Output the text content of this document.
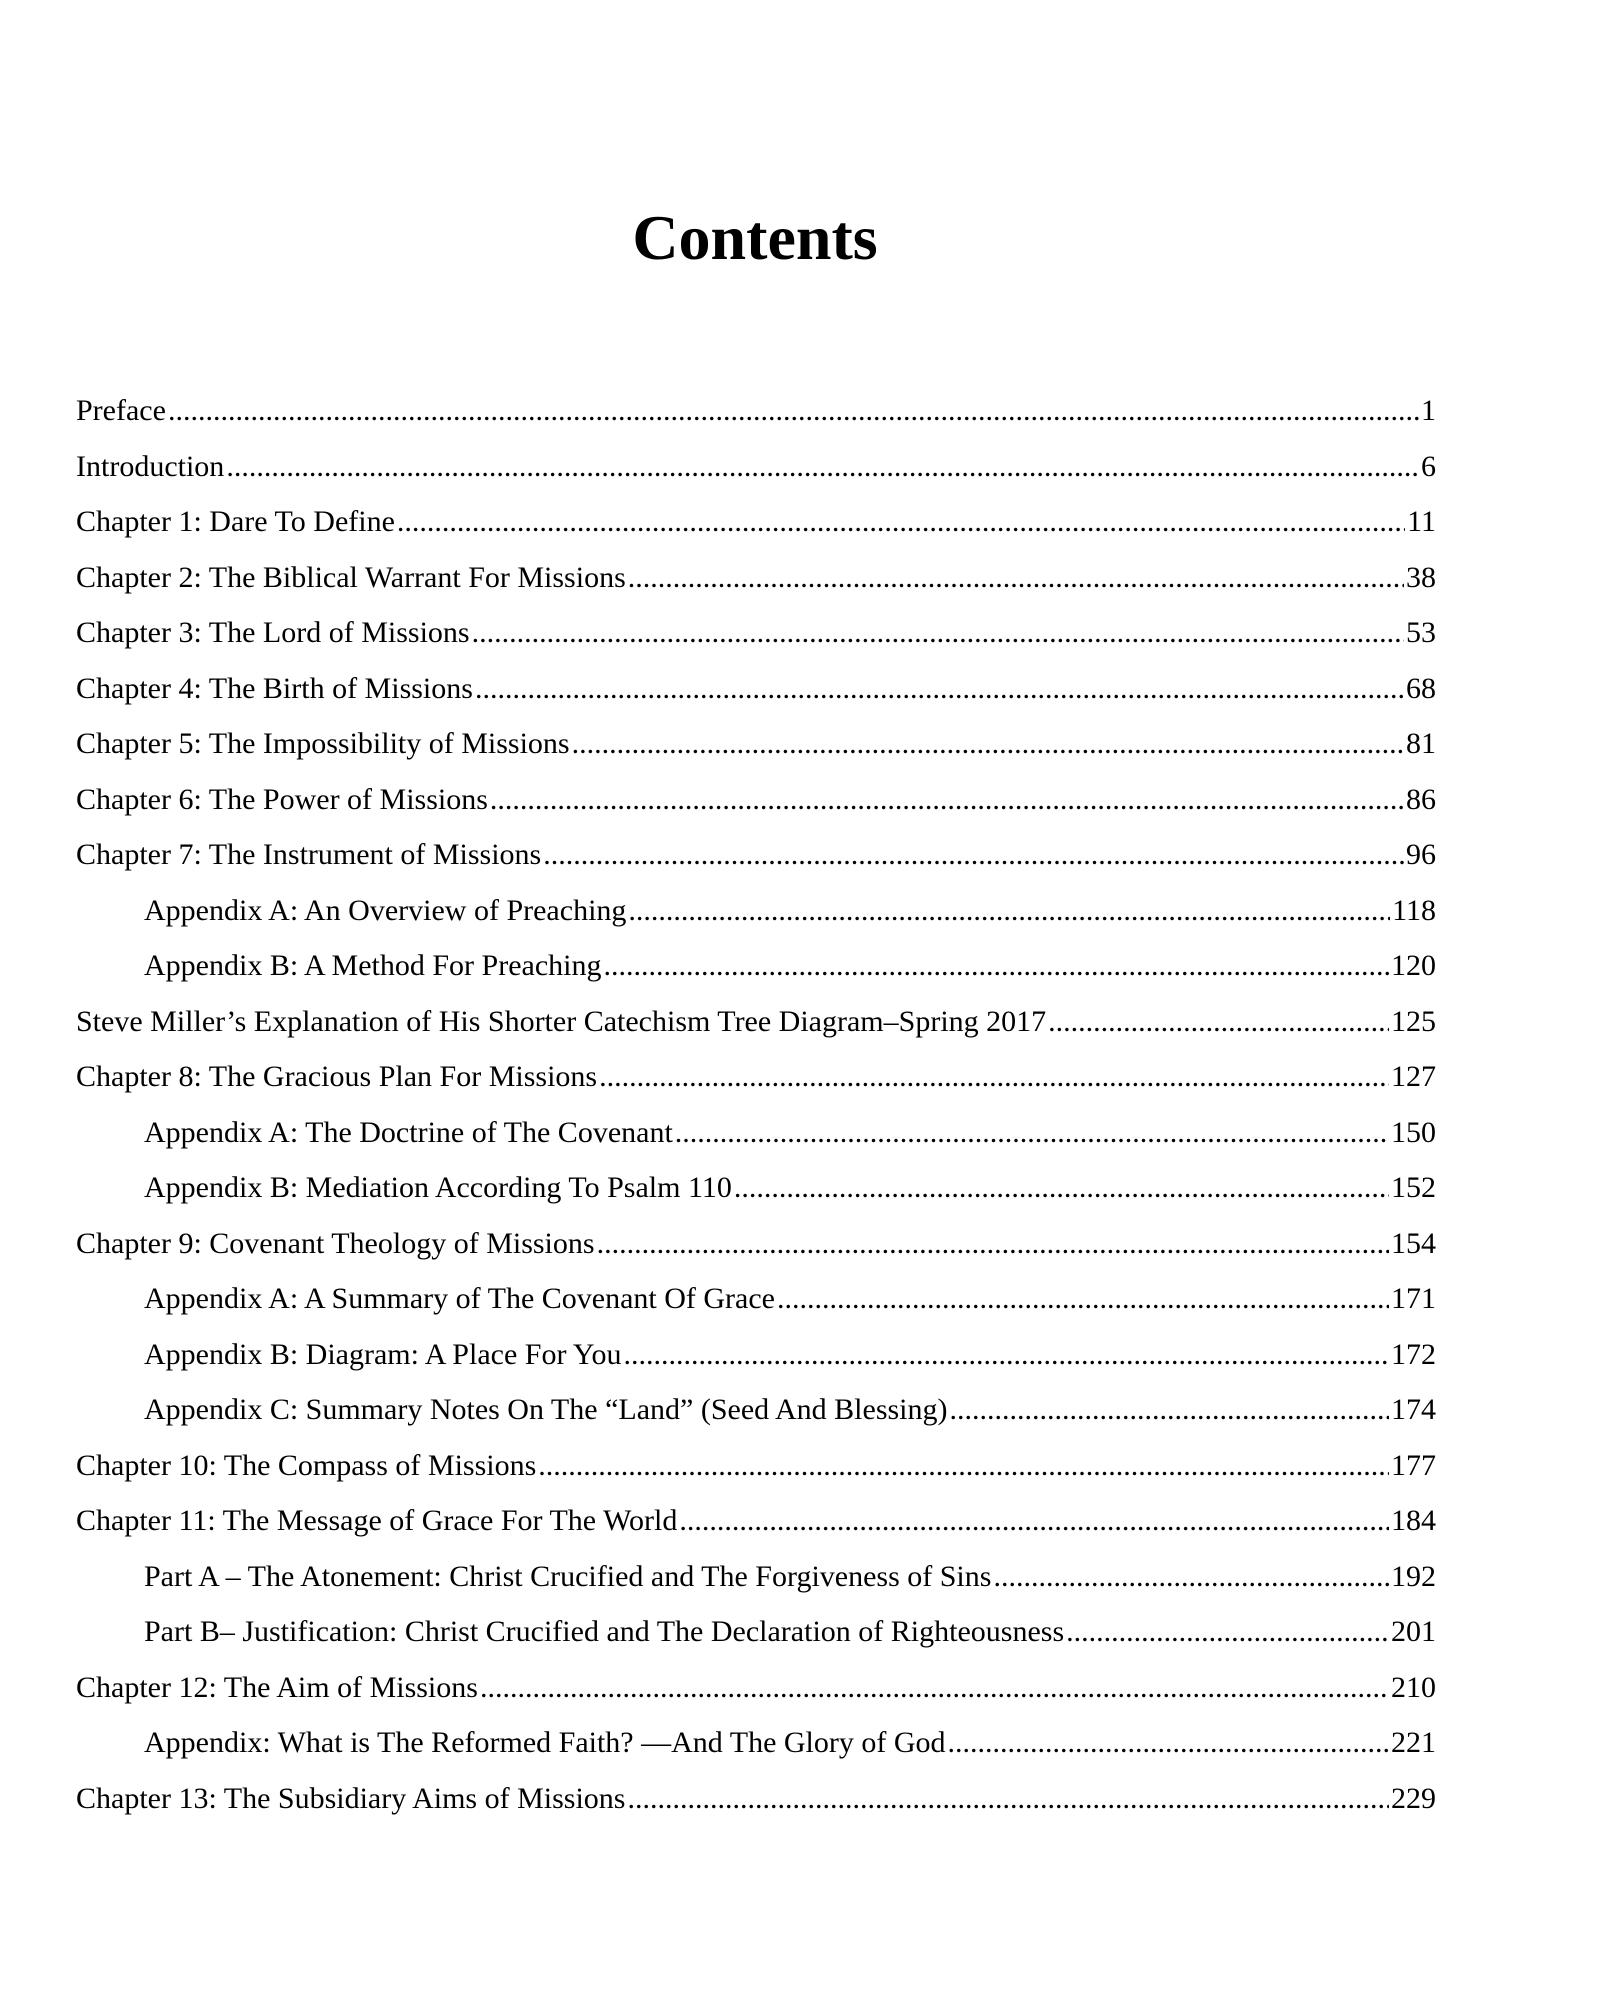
Contents
Preface .....	1
Introduction .....	6
Chapter 1: Dare To Define .....	11
Chapter 2: The Biblical Warrant For Missions .....	38
Chapter 3: The Lord of Missions .....	53
Chapter 4: The Birth of Missions .....	68
Chapter 5: The Impossibility of Missions .....	81
Chapter 6: The Power of Missions .....	86
Chapter 7: The Instrument of Missions .....	96
Appendix A: An Overview of Preaching .....	118
Appendix B: A Method For Preaching .....	120
Steve Miller’s Explanation of His Shorter Catechism Tree Diagram–Spring 2017 .....	125
Chapter 8: The Gracious Plan For Missions .....	127
Appendix A: The Doctrine of The Covenant .....	150
Appendix B: Mediation According To Psalm 110 .....	152
Chapter 9: Covenant Theology of Missions .....	154
Appendix A: A Summary of The Covenant Of Grace .....	171
Appendix B: Diagram: A Place For You .....	172
Appendix C: Summary Notes On The “Land” (Seed And Blessing) .....	174
Chapter 10: The Compass of Missions .....	177
Chapter 11: The Message of Grace For The World .....	184
Part A – The Atonement: Christ Crucified and The Forgiveness of Sins .....	192
Part B– Justification: Christ Crucified and The Declaration of Righteousness .....	201
Chapter 12: The Aim of Missions .....	210
Appendix: What is The Reformed Faith? —And The Glory of God .....	221
Chapter 13: The Subsidiary Aims of Missions .....	229
